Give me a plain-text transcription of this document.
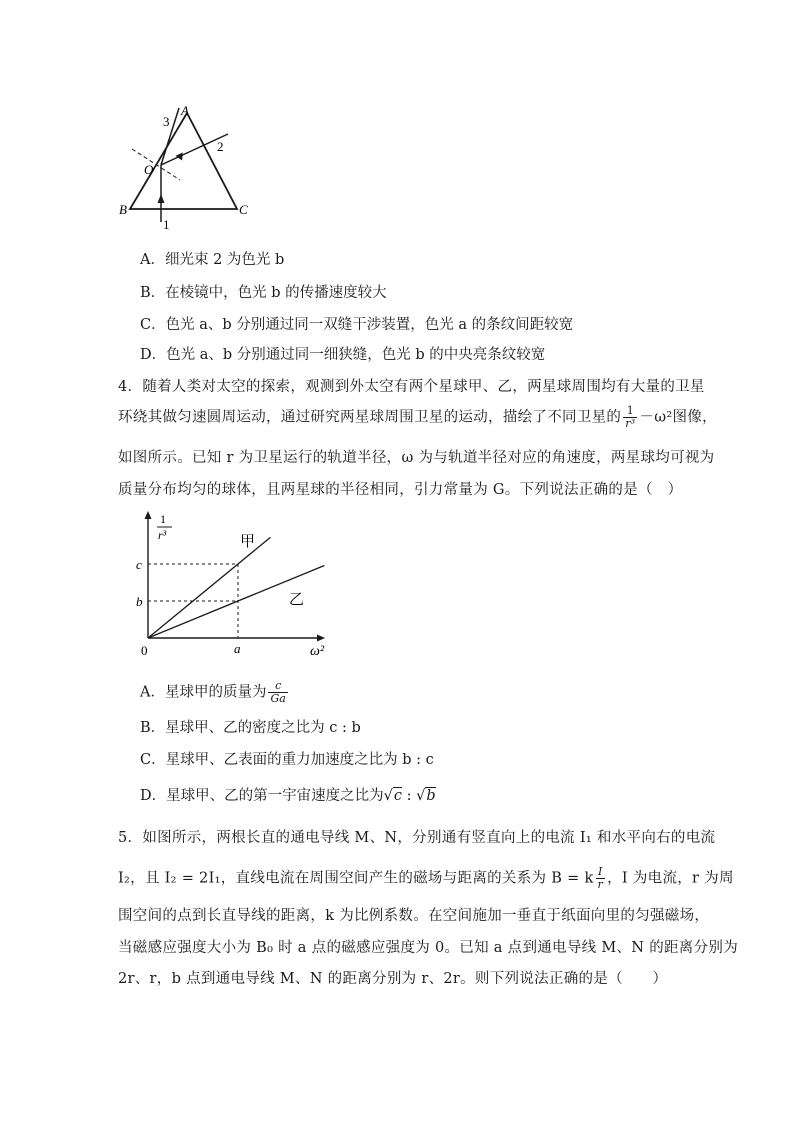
A
B	C
O
1
2
3
A．细光束 2 为色光 b
B．在棱镜中，色光 b 的传播速度较大
C．色光 a、b 分别通过同一双缝干涉装置，色光 a 的条纹间距较宽
D．色光 a、b 分别通过同一细狭缝，色光 b 的中央亮条纹较宽
4．随着人类对太空的探索，观测到外太空有两个星球甲、乙，两星球周围均有大量的卫星
环绕其做匀速圆周运动，通过研究两星球周围卫星的运动，描绘了不同卫星的 $\frac{1}{\text{r³}} -\omega^2$图像，
如图所示。已知 r 为卫星运行的轨道半径，ω 为与轨道半径对应的角速度，两星球均可视为
质量分布均匀的球体，且两星球的半径相同，引力常量为 G。下列说法正确的是（　）
甲
乙
b
c
a
0	ω²
1
r³
A．星球甲的质量为 $\frac{c}{Ga}$
B．星球甲、乙的密度之比为 c : b
C．星球甲、乙表面的重力加速度之比为 b : c
D．星球甲、乙的第一宇宙速度之比为√c : √b
5．如图所示，两根长直的通电导线 M、N，分别通有竖直向上的电流 I₁ 和水平向右的电流
I₂，且 I₂ = 2I₁，直线电流在周围空间产生的磁场与距离的关系为 B = k $\frac{I}{r}$ ，I 为电流，r 为周
围空间的点到长直导线的距离，k 为比例系数。在空间施加一垂直于纸面向里的匀强磁场，
当磁感应强度大小为 B₀ 时 a 点的磁感应强度为 0。已知 a 点到通电导线 M、N 的距离分别为
2r、r，b 点到通电导线 M、N 的距离分别为 r、2r。则下列说法正确的是（　　）
